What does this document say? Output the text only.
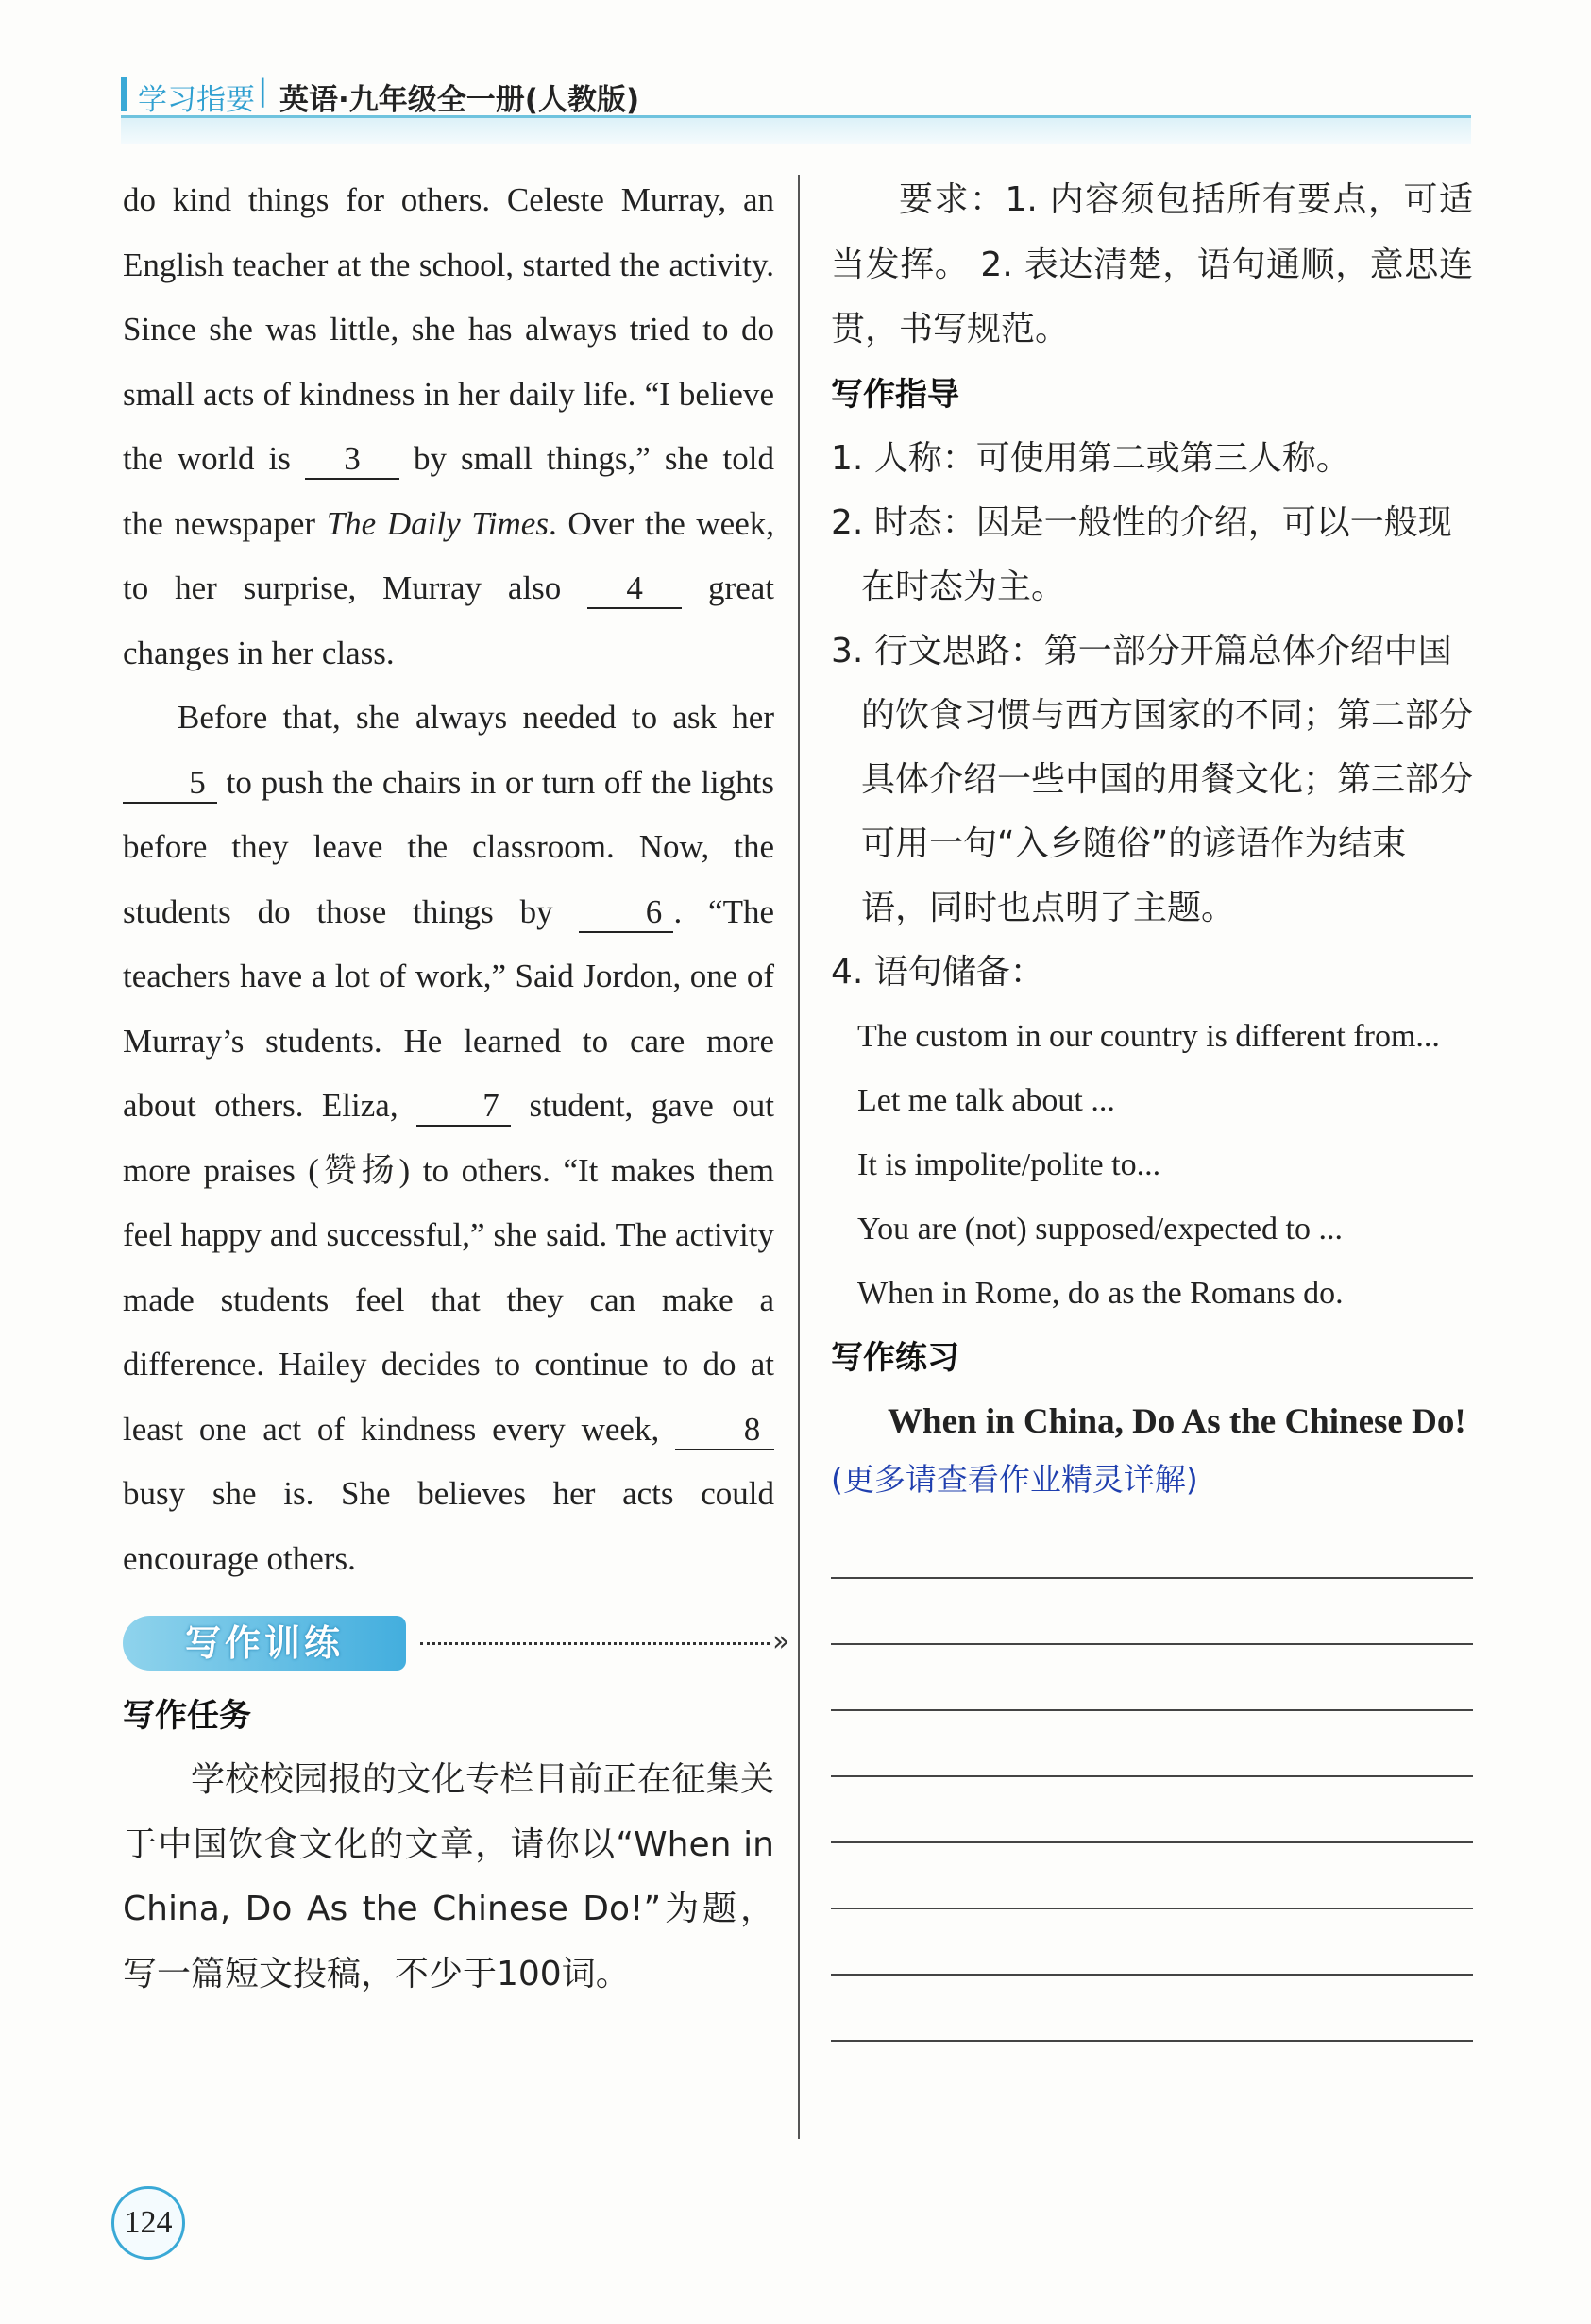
学习指要 | 英语·九年级全一册(人教版)

do kind things for others. Celeste Murray, an English teacher at the school, started the activity. Since she was little, she has always tried to do small acts of kindness in her daily life. “I believe the world is 3 by small things,” she told the newspaper The Daily Times. Over the week, to her surprise, Murray also 4 great changes in her class.

Before that, she always needed to ask her 5 to push the chairs in or turn off the lights before they leave the classroom. Now, the students do those things by 6 . “The teachers have a lot of work,” Said Jordon, one of Murray’s students. He learned to care more about others. Eliza, 7 student, gave out more praises (赞扬) to others. “It makes them feel happy and successful,” she said. The activity made students feel that they can make a difference. Hailey decides to continue to do at least one act of kindness every week, 8 busy she is. She believes her acts could encourage others.

写作训练	»

写作任务

学校校园报的文化专栏目前正在征集关于中国饮食文化的文章，请你以“When in China, Do As the Chinese Do!”为题，写一篇短文投稿，不少于100词。

要求：1. 内容须包括所有要点，可适当发挥。 2. 表达清楚，语句通顺，意思连贯，书写规范。

写作指导

1. 人称：可使用第二或第三人称。

2. 时态：因是一般性的介绍，可以一般现在时态为主。

3. 行文思路：第一部分开篇总体介绍中国的饮食习惯与西方国家的不同；第二部分具体介绍一些中国的用餐文化；第三部分可用一句“入乡随俗”的谚语作为结束语，同时也点明了主题。

4. 语句储备：

The custom in our country is different from...

Let me talk about ...

It is impolite/polite to...

You are (not) supposed/expected to ...

When in Rome, do as the Romans do.

写作练习

When in China, Do As the Chinese Do!

(更多请查看作业精灵详解)

124
